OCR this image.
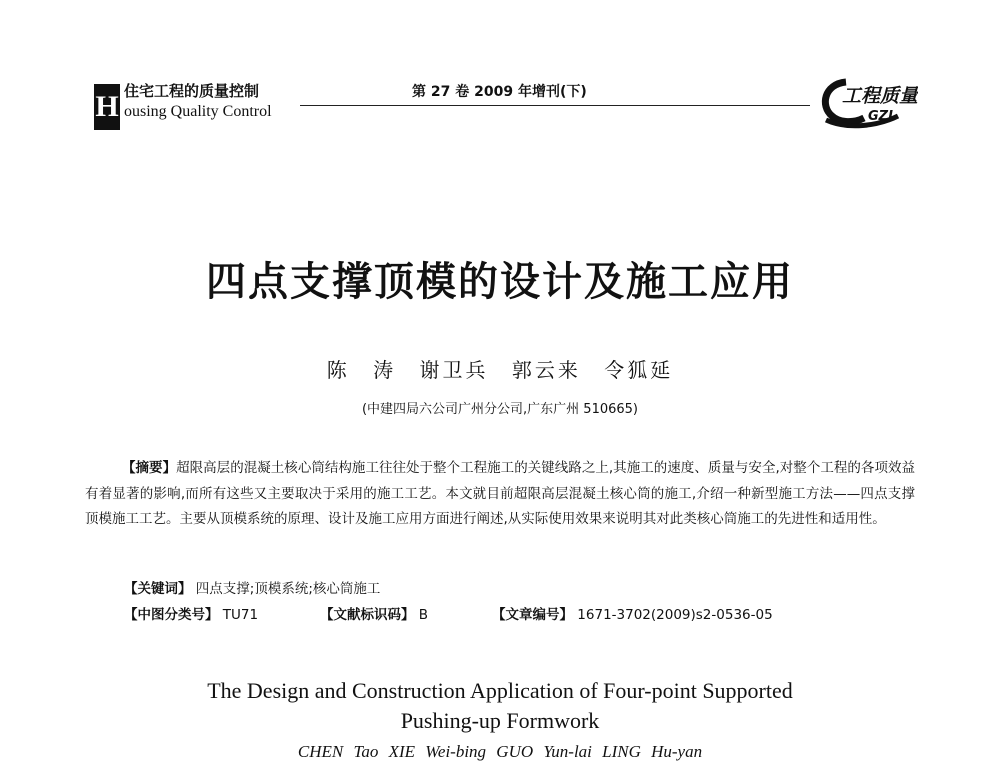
H 住宅工程的质量控制
ousing Quality Control
第 27 卷 2009 年增刊(下)	工程质量
GZL
四点支撑顶模的设计及施工应用
陈 涛 谢卫兵 郭云来 令狐延
(中建四局六公司广州分公司,广东广州 510665)
【摘要】超限高层的混凝土核心筒结构施工往往处于整个工程施工的关键线路之上,其施工的速度、质量与安全,对整个工程的各项效益有着显著的影响,而所有这些又主要取决于采用的施工工艺。本文就目前超限高层混凝土核心筒的施工,介绍一种新型施工方法——四点支撑顶模施工工艺。主要从顶模系统的原理、设计及施工应用方面进行阐述,从实际使用效果来说明其对此类核心筒施工的先进性和适用性。
【关键词】 四点支撑;顶模系统;核心筒施工
【中图分类号】 TU71	【文献标识码】 B	【文章编号】 1671-3702(2009)s2-0536-05
The Design and Construction Application of Four-point Supported
Pushing-up Formwork
CHEN Tao XIE Wei-bing GUO Yun-lai LING Hu-yan
